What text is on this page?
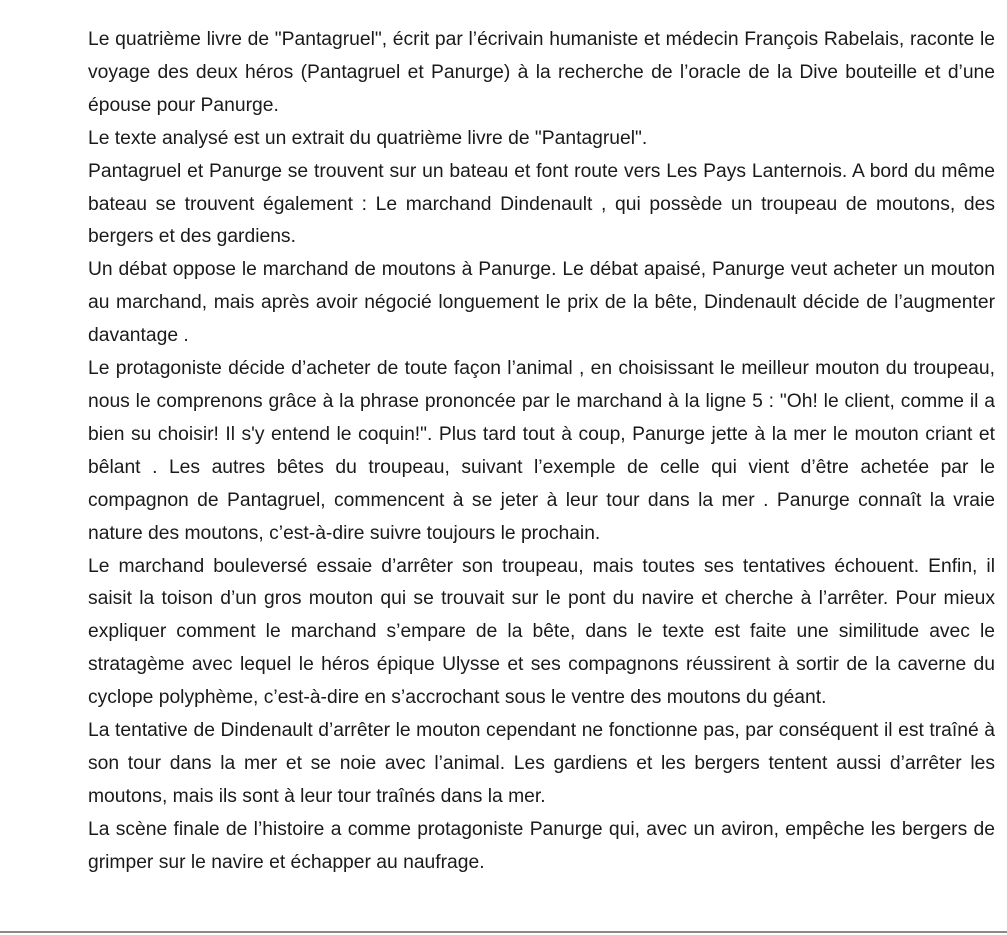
Le quatrième livre de "Pantagruel", écrit par l’écrivain humaniste et médecin François Rabelais, raconte le voyage des deux héros (Pantagruel et Panurge) à la recherche de l’oracle de la Dive bouteille et d’une épouse pour Panurge.

Le texte analysé est un extrait du quatrième livre de "Pantagruel".

Pantagruel et Panurge se trouvent sur un bateau et font route vers Les Pays Lanternois. A bord du même bateau se trouvent également : Le marchand Dindenault , qui possède un troupeau de moutons, des bergers et des gardiens.

Un débat oppose le marchand de moutons à Panurge. Le débat apaisé, Panurge veut acheter un mouton au marchand, mais après avoir négocié longuement le prix de la bête, Dindenault décide de l’augmenter davantage .

Le protagoniste décide d’acheter de toute façon l’animal , en choisissant le meilleur mouton du troupeau, nous le comprenons grâce à la phrase prononcée par le marchand à la ligne 5 : "Oh! le client, comme il a bien su choisir! Il s'y entend le coquin!". Plus tard tout à coup, Panurge jette à la mer le mouton criant et bêlant . Les autres bêtes du troupeau, suivant l’exemple de celle qui vient d’être achetée par le compagnon de Pantagruel, commencent à se jeter à leur tour dans la mer . Panurge connaît la vraie nature des moutons, c’est-à-dire suivre toujours le prochain.

Le marchand bouleversé essaie d’arrêter son troupeau, mais toutes ses tentatives échouent. Enfin, il saisit la toison d’un gros mouton qui se trouvait sur le pont du navire et cherche à l’arrêter. Pour mieux expliquer comment le marchand s’empare de la bête, dans le texte est faite une similitude avec le stratagème avec lequel le héros épique Ulysse et ses compagnons réussirent à sortir de la caverne du cyclope polyphème, c’est-à-dire en s’accrochant sous le ventre des moutons du géant.

La tentative de Dindenault d’arrêter le mouton cependant ne fonctionne pas, par conséquent il est traîné à son tour dans la mer et se noie avec l’animal. Les gardiens et les bergers tentent aussi d’arrêter les moutons, mais ils sont à leur tour traînés dans la mer.

La scène finale de l’histoire a comme protagoniste Panurge qui, avec un aviron, empêche les bergers de grimper sur le navire et échapper au naufrage.
